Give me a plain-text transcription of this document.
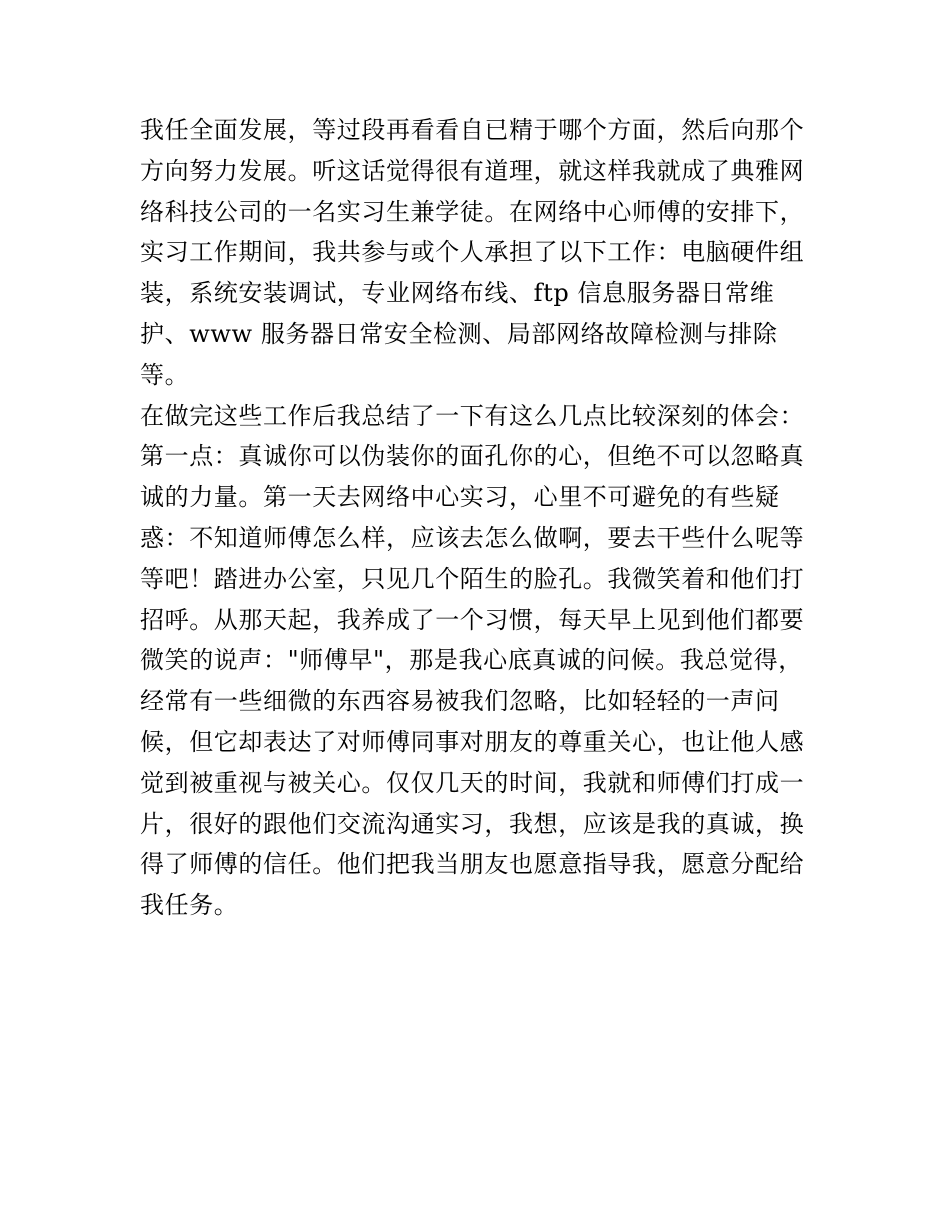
我任全面发展，等过段再看看自已精于哪个方面，然后向那个
方向努力发展。听这话觉得很有道理，就这样我就成了典雅网
络科技公司的一名实习生兼学徒。在网络中心师傅的安排下，
实习工作期间，我共参与或个人承担了以下工作：电脑硬件组
装，系统安装调试，专业网络布线、ftp 信息服务器日常维
护、www 服务器日常安全检测、局部网络故障检测与排除
等。
在做完这些工作后我总结了一下有这么几点比较深刻的体会：
第一点：真诚你可以伪装你的面孔你的心，但绝不可以忽略真
诚的力量。第一天去网络中心实习，心里不可避免的有些疑
惑：不知道师傅怎么样，应该去怎么做啊，要去干些什么呢等
等吧！踏进办公室，只见几个陌生的脸孔。我微笑着和他们打
招呼。从那天起，我养成了一个习惯，每天早上见到他们都要
微笑的说声："师傅早"，那是我心底真诚的问候。我总觉得，
经常有一些细微的东西容易被我们忽略，比如轻轻的一声问
候，但它却表达了对师傅同事对朋友的尊重关心，也让他人感
觉到被重视与被关心。仅仅几天的时间，我就和师傅们打成一
片，很好的跟他们交流沟通实习，我想，应该是我的真诚，换
得了师傅的信任。他们把我当朋友也愿意指导我，愿意分配给
我任务。
